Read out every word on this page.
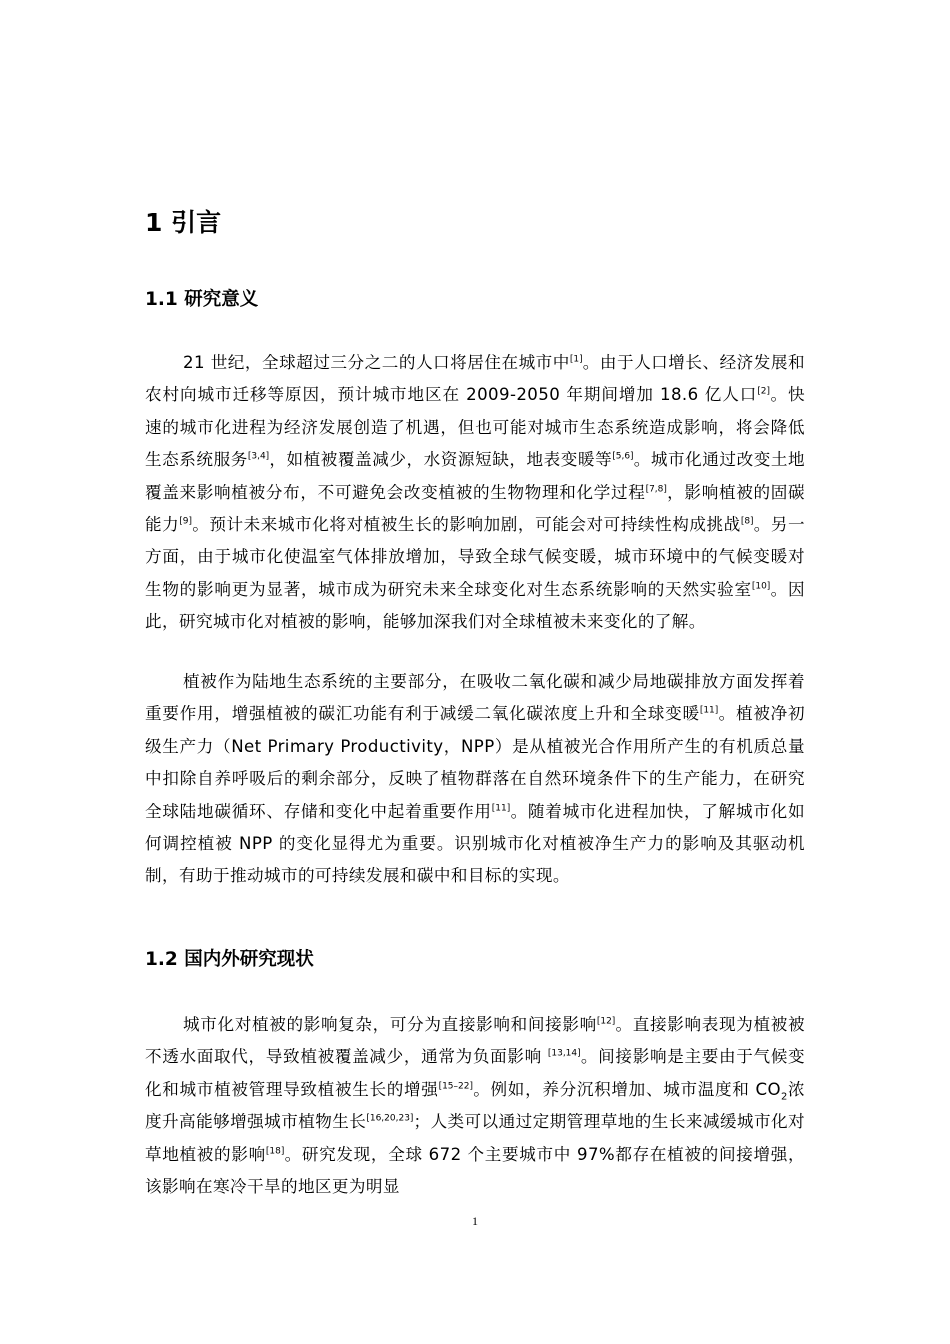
1 引言
1.1 研究意义

21 世纪，全球超过三分之二的人口将居住在城市中[1]。由于人口增长、经济发展和农村向城市迁移等原因，预计城市地区在 2009-2050 年期间增加 18.6 亿人口[2]。快速的城市化进程为经济发展创造了机遇，但也可能对城市生态系统造成影响，将会降低生态系统服务[3,4]，如植被覆盖减少，水资源短缺，地表变暖等[5,6]。城市化通过改变土地覆盖来影响植被分布，不可避免会改变植被的生物物理和化学过程[7,8]，影响植被的固碳能力[9]。预计未来城市化将对植被生长的影响加剧，可能会对可持续性构成挑战[8]。另一方面，由于城市化使温室气体排放增加，导致全球气候变暖，城市环境中的气候变暖对生物的影响更为显著，城市成为研究未来全球变化对生态系统影响的天然实验室[10]。因此，研究城市化对植被的影响，能够加深我们对全球植被未来变化的了解。

植被作为陆地生态系统的主要部分，在吸收二氧化碳和减少局地碳排放方面发挥着重要作用，增强植被的碳汇功能有利于减缓二氧化碳浓度上升和全球变暖[11]。植被净初级生产力（Net Primary Productivity，NPP）是从植被光合作用所产生的有机质总量中扣除自养呼吸后的剩余部分，反映了植物群落在自然环境条件下的生产能力，在研究全球陆地碳循环、存储和变化中起着重要作用[11]。随着城市化进程加快，了解城市化如何调控植被 NPP 的变化显得尤为重要。识别城市化对植被净生产力的影响及其驱动机制，有助于推动城市的可持续发展和碳中和目标的实现。

1.2 国内外研究现状

城市化对植被的影响复杂，可分为直接影响和间接影响[12]。直接影响表现为植被被不透水面取代，导致植被覆盖减少，通常为负面影响 [13,14]。间接影响是主要由于气候变化和城市植被管理导致植被生长的增强[15–22]。例如，养分沉积增加、城市温度和 $CO_2$浓度升高能够增强城市植物生长[16,20,23]；人类可以通过定期管理草地的生长来减缓城市化对草地植被的影响[18]。研究发现，全球 672 个主要城市中 97%都存在植被的间接增强，该影响在寒冷干旱的地区更为明显

1
